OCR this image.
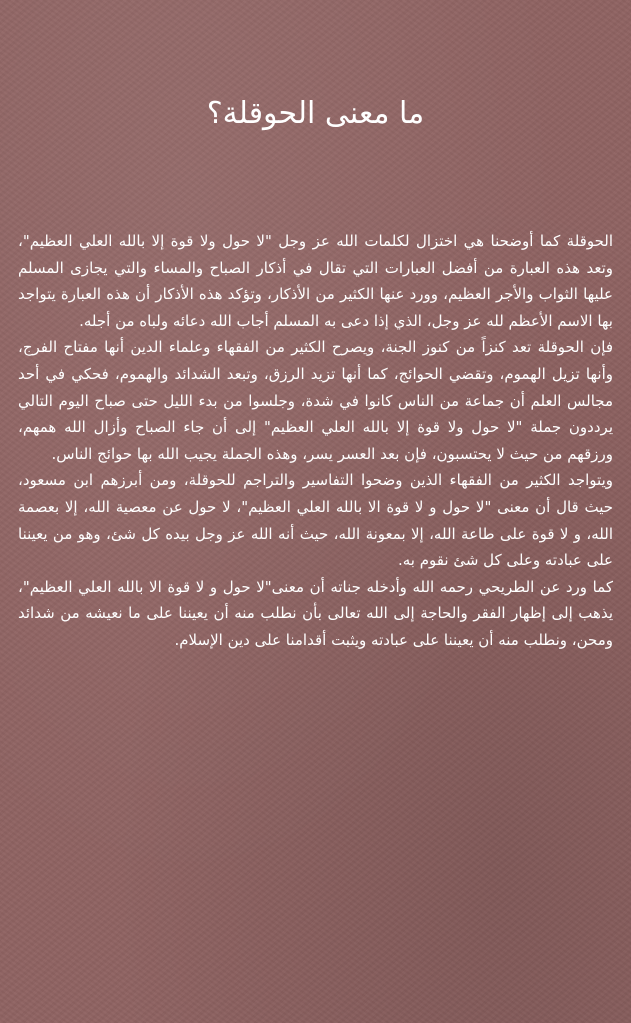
ما معنى الحوقلة؟

الحوقلة كما أوضحنا هي اختزال لكلمات الله عز وجل "لا حول ولا قوة إلا بالله العلي العظيم"، وتعد هذه العبارة من أفضل العبارات التي تقال في أذكار الصباح والمساء والتي يجازى المسلم عليها الثواب والأجر العظيم، وورد عنها الكثير من الأذكار، وتؤكد هذه الأذكار أن هذه العبارة يتواجد بها الاسم الأعظم لله عز وجل، الذي إذا دعى به المسلم أجاب الله دعائه ولباه من أجله.

فإن الحوقلة تعد كنزاً من كنوز الجنة، ويصرح الكثير من الفقهاء وعلماء الدين أنها مفتاح الفرج، وأنها تزيل الهموم، وتقضي الحوائج، كما أنها تزيد الرزق، وتبعد الشدائد والهموم، فحكي في أحد مجالس العلم أن جماعة من الناس كانوا في شدة، وجلسوا من بدء الليل حتى صباح اليوم التالي يرددون جملة "لا حول ولا قوة إلا بالله العلي العظيم" إلى أن جاء الصباح وأزال الله همهم، ورزقهم من حيث لا يحتسبون، فإن بعد العسر يسر، وهذه الجملة يجيب الله بها حوائج الناس.

ويتواجد الكثير من الفقهاء الذين وضحوا التفاسير والتراجم للحوقلة، ومن أبرزهم ابن مسعود، حيث قال أن معنى "لا حول و لا قوة الا بالله العلي العظيم"، لا حول عن معصية الله، إلا بعصمة الله، و لا قوة على طاعة الله، إلا بمعونة الله، حيث أنه الله عز وجل بيده كل شئ، وهو من يعيننا على عبادته وعلى كل شئ نقوم به.

كما ورد عن الطريحي رحمه الله وأدخله جناته أن معنى"لا حول و لا قوة الا بالله العلي العظيم"، يذهب إلى إظهار الفقر والحاجة إلى الله تعالى بأن نطلب منه أن يعيننا على ما نعيشه من شدائد ومحن، ونطلب منه أن يعيننا على عبادته ويثبت أقدامنا على دين الإسلام.
